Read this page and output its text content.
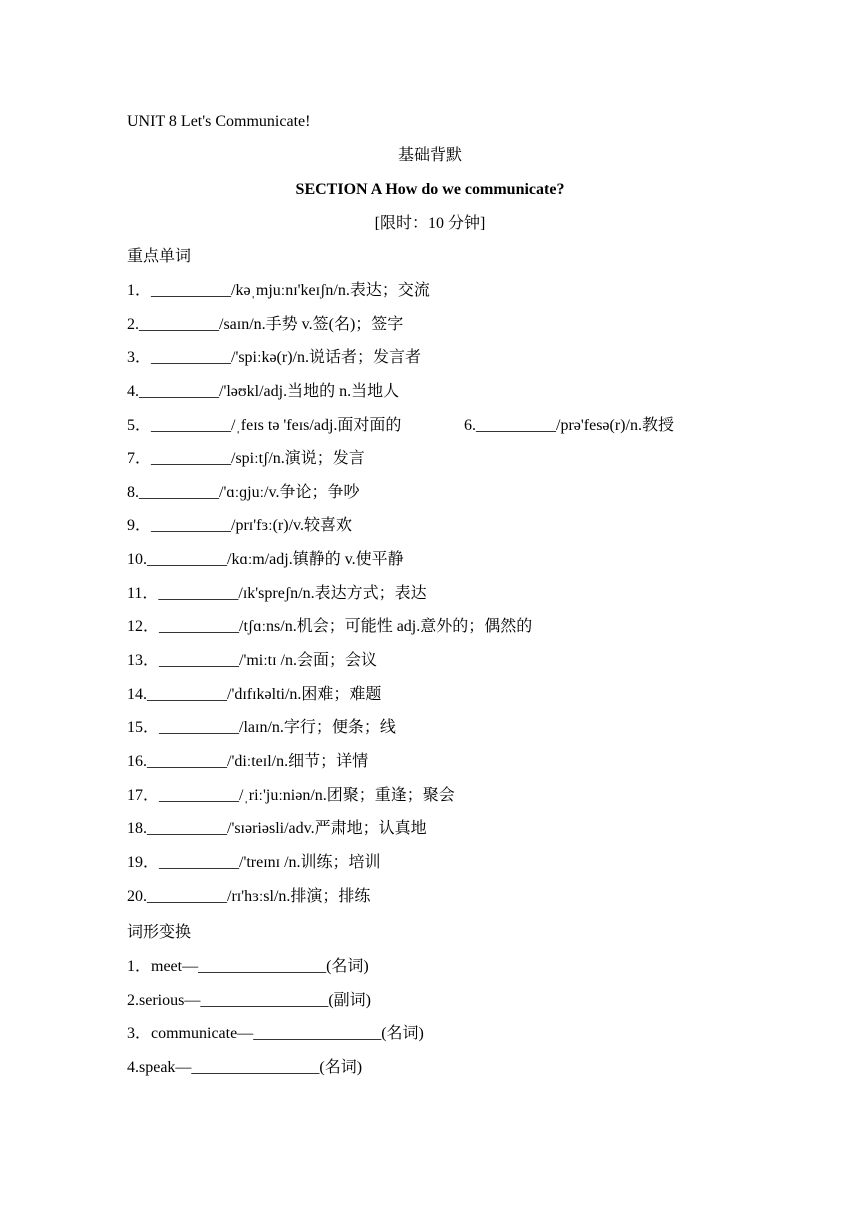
UNIT 8 Let's Communicate!
基础背默
SECTION A How do we communicate?
[限时：10 分钟]
重点单词
1．__________/kəˌmjuːnɪ'keɪʃn/n.表达；交流
2.__________/saɪn/n.手势 v.签(名)；签字
3．__________/'spiːkə(r)/n.说话者；发言者
4.__________/'ləʊkl/adj.当地的 n.当地人
5．__________/ˌfeɪs tə 'feɪs/adj.面对面的	6.__________/prə'fesə(r)/n.教授
7．__________/spiːtʃ/n.演说；发言
8.__________/'ɑːɡjuː/v.争论；争吵
9．__________/prɪ'fɜː(r)/v.较喜欢
10.__________/kɑːm/adj.镇静的 v.使平静
11．__________/ɪk'spreʃn/n.表达方式；表达
12．__________/tʃɑːns/n.机会；可能性 adj.意外的；偶然的
13．__________/'miːtɪ /n.会面；会议
14.__________/'dɪfɪkəlti/n.困难；难题
15．__________/laɪn/n.字行；便条；线
16.__________/'diːteɪl/n.细节；详情
17．__________/ˌriː'juːniən/n.团聚；重逢；聚会
18.__________/'sɪəriəsli/adv.严肃地；认真地
19．__________/'treɪnɪ /n.训练；培训
20.__________/rɪ'hɜːsl/n.排演；排练
词形变换
1．meet—________________(名词)
2.serious—________________(副词)
3．communicate—________________(名词)
4.speak—________________(名词)
